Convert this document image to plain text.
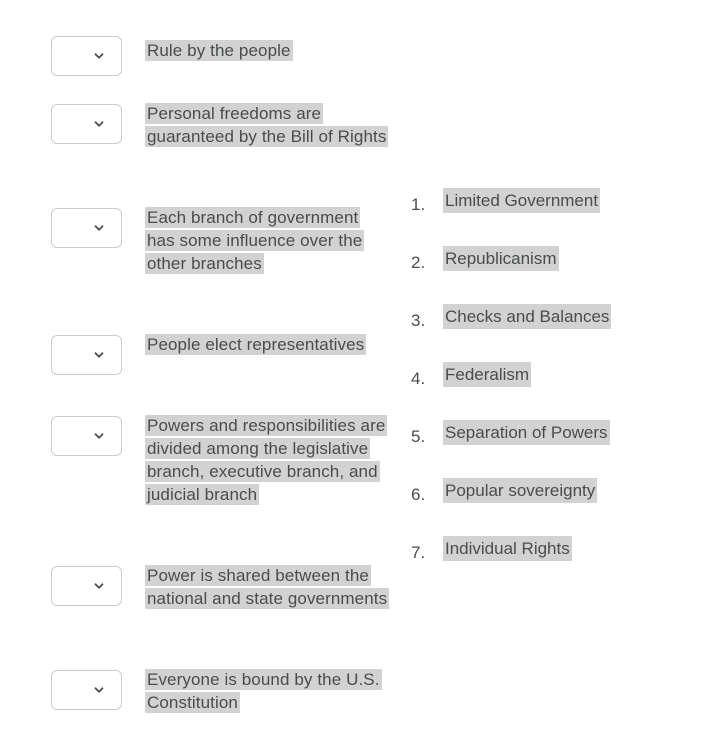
Rule by the people
Personal freedoms are guaranteed by the Bill of Rights
Each branch of government has some influence over the other branches
People elect representatives
Powers and responsibilities are divided among the legislative branch, executive branch, and judicial branch
Power is shared between the national and state governments
Everyone is bound by the U.S. Constitution
1. Limited Government
2. Republicanism
3. Checks and Balances
4. Federalism
5. Separation of Powers
6. Popular sovereignty
7. Individual Rights
